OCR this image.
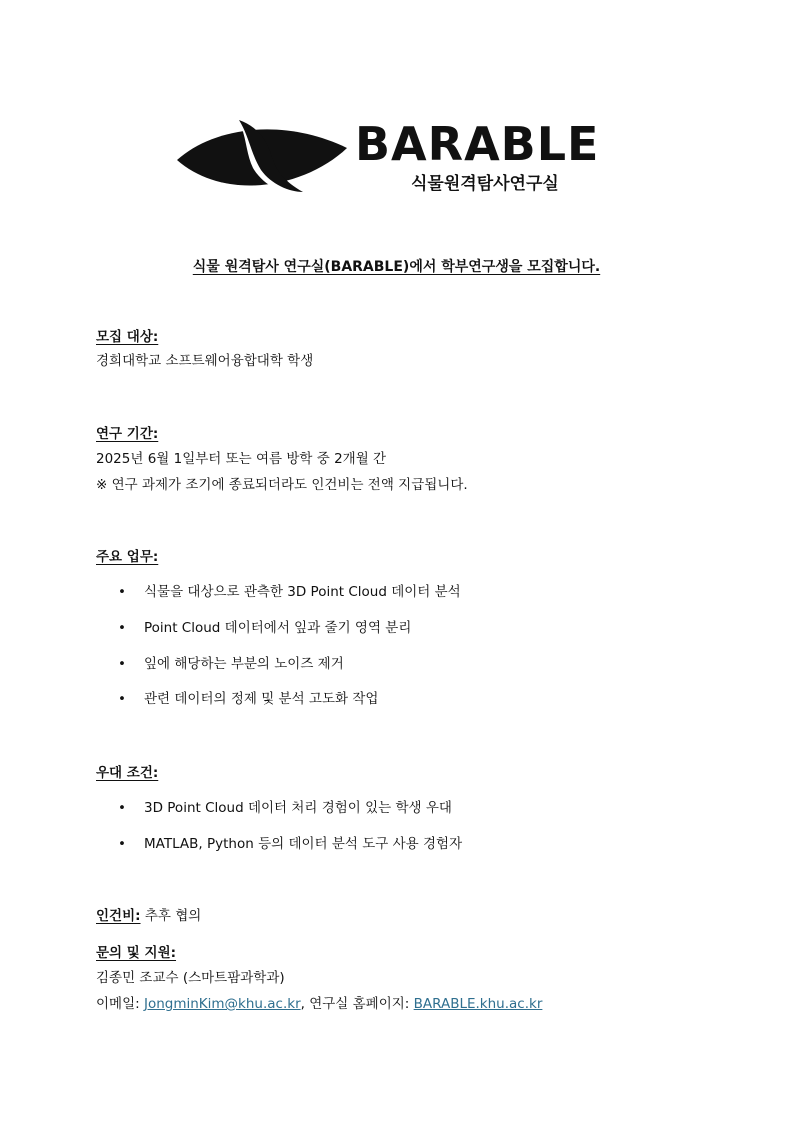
BARABLE
식물원격탐사연구실
식물 원격탐사 연구실(BARABLE)에서 학부연구생을 모집합니다.
모집 대상:
경희대학교 소프트웨어융합대학 학생
연구 기간:
2025년 6월 1일부터 또는 여름 방학 중 2개월 간
※ 연구 과제가 조기에 종료되더라도 인건비는 전액 지급됩니다.
주요 업무:
• 식물을 대상으로 관측한 3D Point Cloud 데이터 분석
• Point Cloud 데이터에서 잎과 줄기 영역 분리
• 잎에 해당하는 부분의 노이즈 제거
• 관련 데이터의 정제 및 분석 고도화 작업
우대 조건:
• 3D Point Cloud 데이터 처리 경험이 있는 학생 우대
• MATLAB, Python 등의 데이터 분석 도구 사용 경험자
인건비: 추후 협의
문의 및 지원:
김종민 조교수 (스마트팜과학과)
이메일: JongminKim@khu.ac.kr, 연구실 홈페이지: BARABLE.khu.ac.kr
